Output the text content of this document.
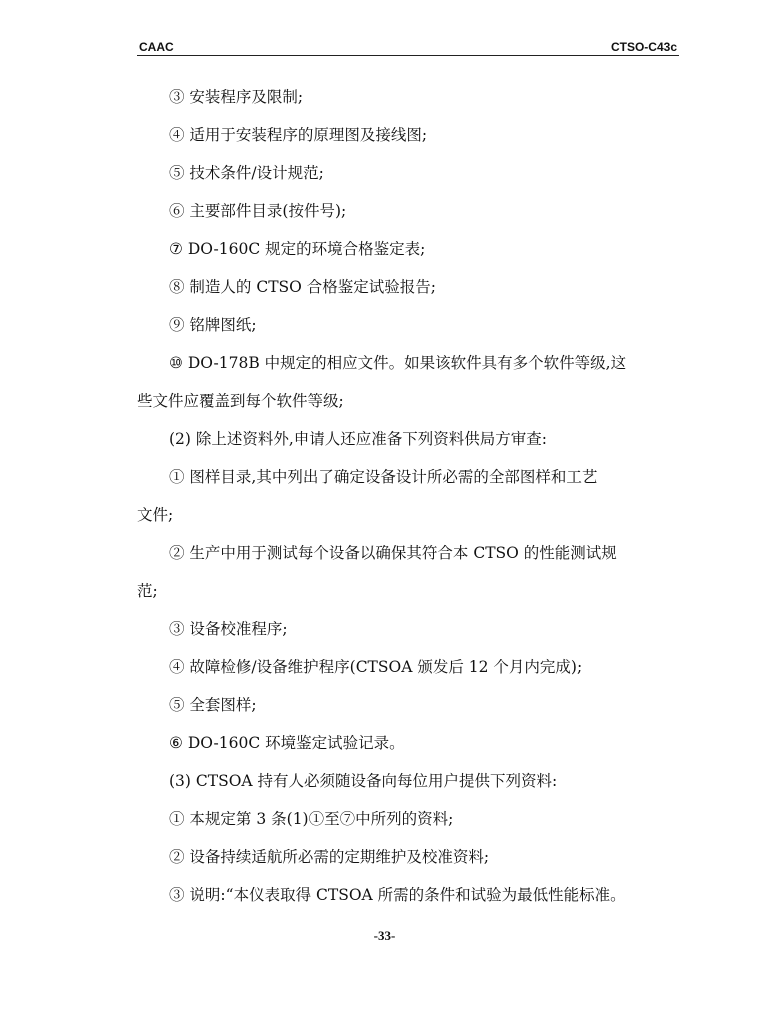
CAAC	CTSO-C43c
③ 安装程序及限制;
④ 适用于安装程序的原理图及接线图;
⑤ 技术条件/设计规范;
⑥ 主要部件目录(按件号);
⑦ DO-160C 规定的环境合格鉴定表;
⑧ 制造人的 CTSO 合格鉴定试验报告;
⑨ 铭牌图纸;
⑩ DO-178B 中规定的相应文件。如果该软件具有多个软件等级,这
些文件应覆盖到每个软件等级;
(2) 除上述资料外,申请人还应准备下列资料供局方审查:
① 图样目录,其中列出了确定设备设计所必需的全部图样和工艺
文件;
② 生产中用于测试每个设备以确保其符合本 CTSO 的性能测试规
范;
③ 设备校准程序;
④ 故障检修/设备维护程序(CTSOA 颁发后 12 个月内完成);
⑤ 全套图样;
⑥ DO-160C 环境鉴定试验记录。
(3) CTSOA 持有人必须随设备向每位用户提供下列资料:
① 本规定第 3 条(1)①至⑦中所列的资料;
② 设备持续适航所必需的定期维护及校准资料;
③ 说明:“本仪表取得 CTSOA 所需的条件和试验为最低性能标准。
-33-
